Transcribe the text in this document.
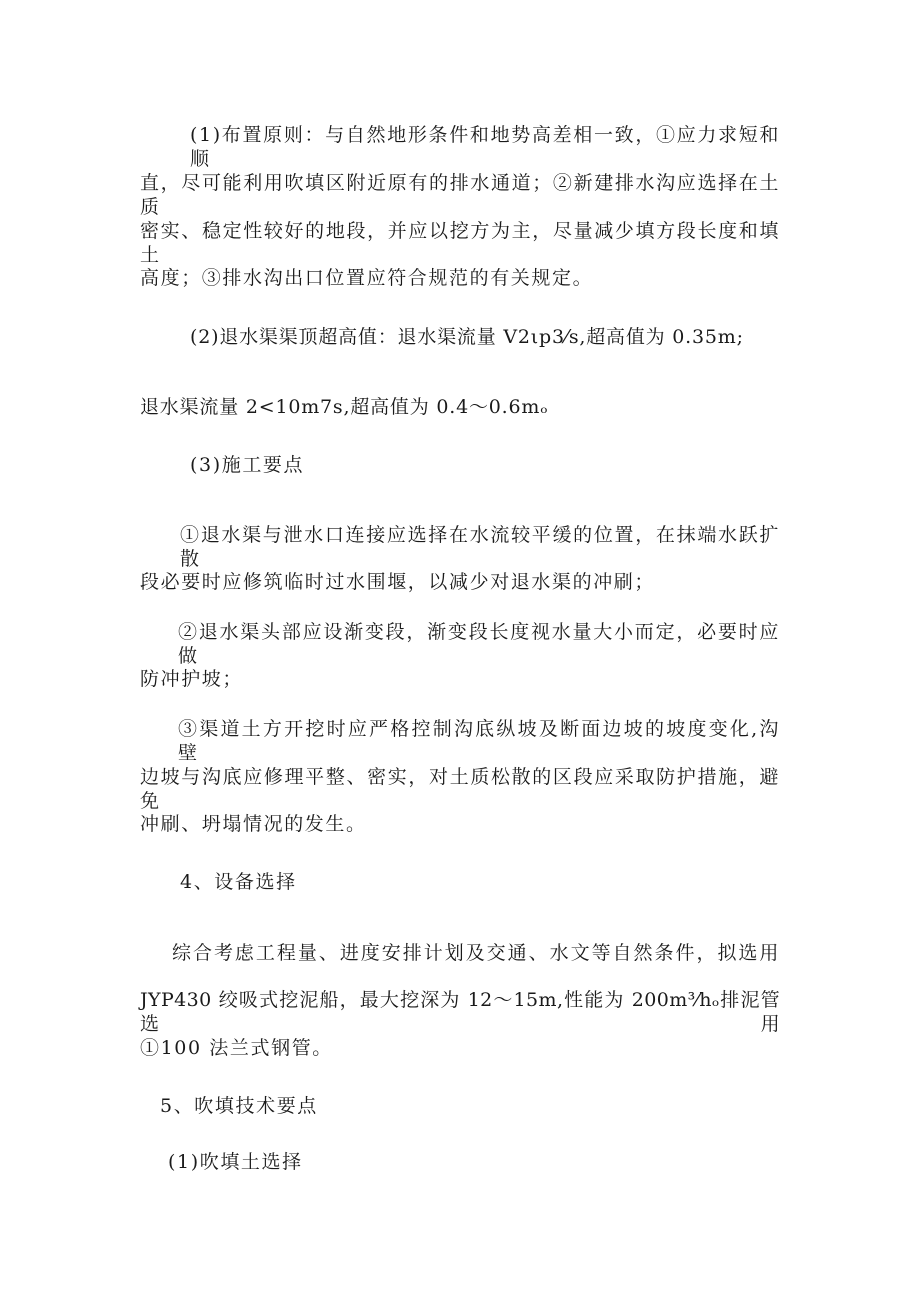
(1)布置原则：与自然地形条件和地势高差相一致，①应力求短和顺
直，尽可能利用吹填区附近原有的排水通道；②新建排水沟应选择在土质
密实、稳定性较好的地段，并应以挖方为主，尽量减少填方段长度和填土
高度；③排水沟出口位置应符合规范的有关规定。
(2)退水渠渠顶超高值：退水渠流量 V2ιp3⁄s,超高值为 0.35m;
退水渠流量 2<10m7s,超高值为 0.4～0.6mₒ
(3)施工要点
①退水渠与泄水口连接应选择在水流较平缓的位置，在抹端水跃扩散
段必要时应修筑临时过水围堰，以减少对退水渠的冲刷；
②退水渠头部应设渐变段，渐变段长度视水量大小而定，必要时应做
防冲护坡；
③渠道土方开挖时应严格控制沟底纵坡及断面边坡的坡度变化,沟壁
边坡与沟底应修理平整、密实，对土质松散的区段应采取防护措施，避免
冲刷、坍塌情况的发生。
4、设备选择
综合考虑工程量、进度安排计划及交通、水文等自然条件，拟选用
JYP430 绞吸式挖泥船，最大挖深为 12～15m,性能为 200m³⁄hₒ排泥管选用
①100 法兰式钢管。
5、吹填技术要点
(1)吹填土选择
